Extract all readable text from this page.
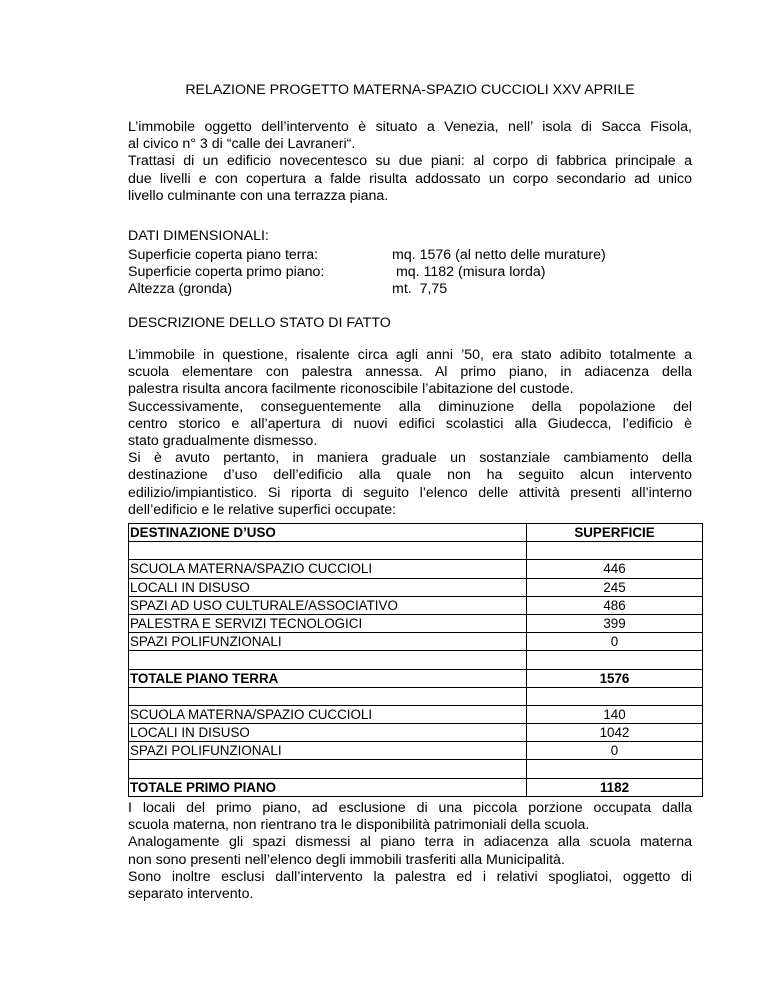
RELAZIONE PROGETTO MATERNA-SPAZIO CUCCIOLI XXV APRILE
L’immobile oggetto dell’intervento è situato a Venezia, nell’ isola di Sacca Fisola,
al civico n° 3 di “calle dei Lavraneri“.
Trattasi di un edificio novecentesco su due piani: al corpo di fabbrica principale a
due livelli e con copertura a falde risulta addossato un corpo secondario ad unico
livello culminante con una terrazza piana.
DATI DIMENSIONALI:
Superficie coperta piano terra:	mq. 1576 (al netto delle murature)
Superficie coperta primo piano:	mq. 1182 (misura lorda)
Altezza (gronda)	mt.  7,75
DESCRIZIONE DELLO STATO DI FATTO
L’immobile in questione, risalente circa agli anni ’50, era stato adibito totalmente a
scuola elementare con palestra annessa. Al primo piano, in adiacenza della
palestra risulta ancora facilmente riconoscibile l’abitazione del custode.
Successivamente, conseguentemente alla diminuzione della popolazione del
centro storico e all’apertura di nuovi edifici scolastici alla Giudecca, l’edificio è
stato gradualmente dismesso.
Si è avuto pertanto, in maniera graduale un sostanziale cambiamento della
destinazione d’uso dell’edificio alla quale non ha seguito alcun intervento
edilizio/impiantistico. Si riporta di seguito l’elenco delle attività presenti all’interno
dell’edificio e le relative superfici occupate:
DESTINAZIONE D’USO	SUPERFICIE

SCUOLA MATERNA/SPAZIO CUCCIOLI	446
LOCALI IN DISUSO	245
SPAZI AD USO CULTURALE/ASSOCIATIVO	486
PALESTRA E SERVIZI TECNOLOGICI	399
SPAZI POLIFUNZIONALI	0

TOTALE PIANO TERRA	1576

SCUOLA MATERNA/SPAZIO CUCCIOLI	140
LOCALI IN DISUSO	1042
SPAZI POLIFUNZIONALI	0

TOTALE PRIMO PIANO	1182
I locali del primo piano, ad esclusione di una piccola porzione occupata dalla
scuola materna, non rientrano tra le disponibilità patrimoniali della scuola.
Analogamente gli spazi dismessi al piano terra in adiacenza alla scuola materna
non sono presenti nell’elenco degli immobili trasferiti alla Municipalità.
Sono inoltre esclusi dall’intervento la palestra ed i relativi spogliatoi, oggetto di
separato intervento.
